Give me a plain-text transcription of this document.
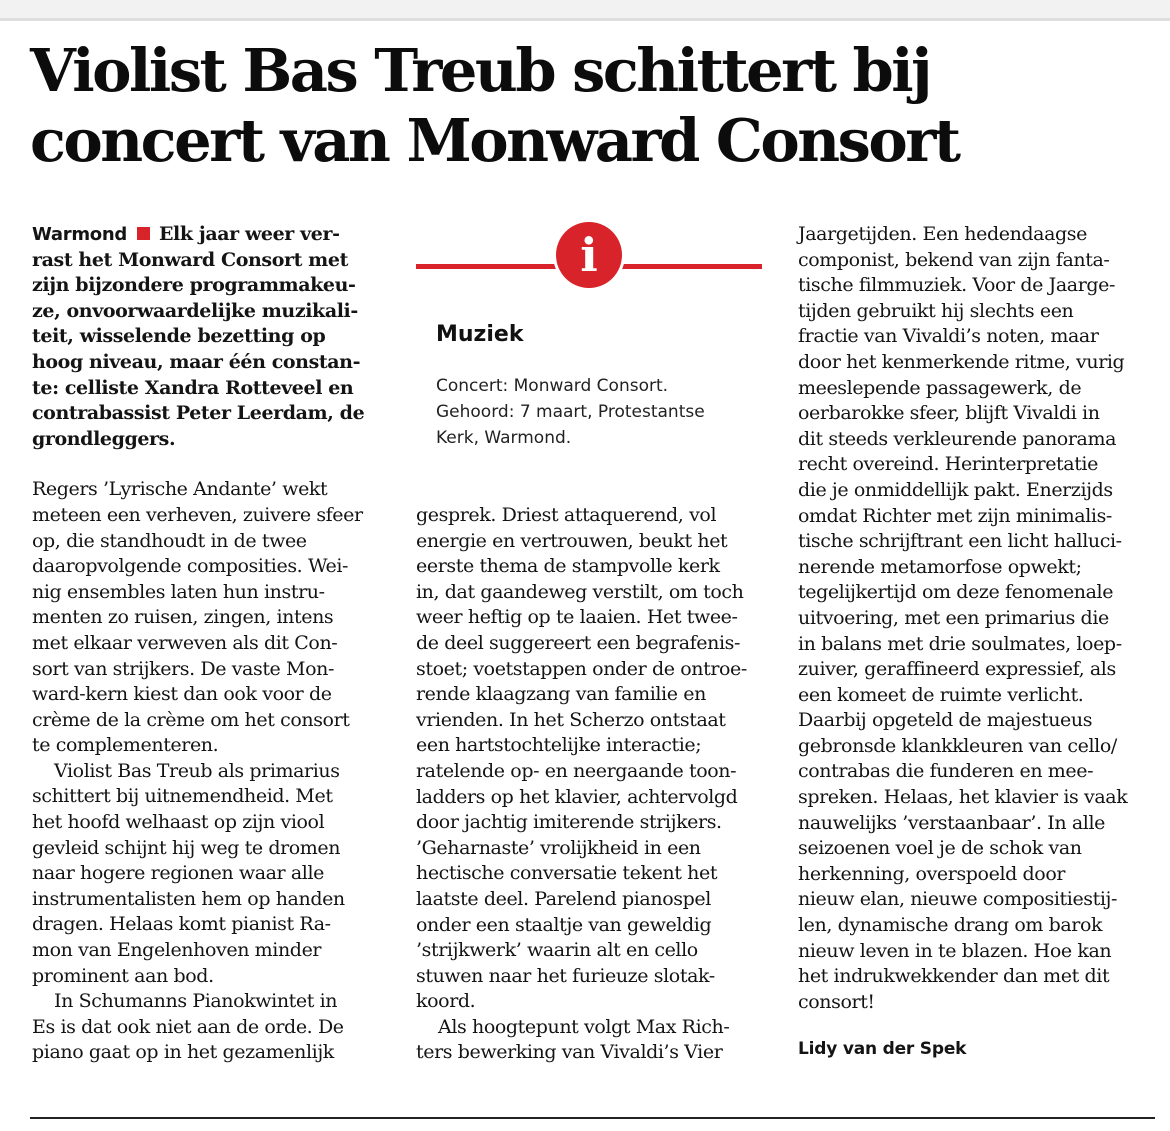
Violist Bas Treub schittert bij
concert van Monward Consort
Warmond Elk jaar weer ver-
rast het Monward Consort met
zijn bijzondere programmakeu-
ze, onvoorwaardelijke muzikali-
teit, wisselende bezetting op
hoog niveau, maar één constan-
te: celliste Xandra Rotteveel en
contrabassist Peter Leerdam, de
grondleggers.
Regers ’Lyrische Andante’ wekt
meteen een verheven, zuivere sfeer
op, die standhoudt in de twee
daaropvolgende composities. Wei-
nig ensembles laten hun instru-
menten zo ruisen, zingen, intens
met elkaar verweven als dit Con-
sort van strijkers. De vaste Mon-
ward-kern kiest dan ook voor de
crème de la crème om het consort
te complementeren.
Violist Bas Treub als primarius
schittert bij uitnemendheid. Met
het hoofd welhaast op zijn viool
gevleid schijnt hij weg te dromen
naar hogere regionen waar alle
instrumentalisten hem op handen
dragen. Helaas komt pianist Ra-
mon van Engelenhoven minder
prominent aan bod.
In Schumanns Pianokwintet in
Es is dat ook niet aan de orde. De
piano gaat op in het gezamenlijk
i
Muziek
Concert: Monward Consort.
Gehoord: 7 maart, Protestantse
Kerk, Warmond.
gesprek. Driest attaquerend, vol
energie en vertrouwen, beukt het
eerste thema de stampvolle kerk
in, dat gaandeweg verstilt, om toch
weer heftig op te laaien. Het twee-
de deel suggereert een begrafenis-
stoet; voetstappen onder de ontroe-
rende klaagzang van familie en
vrienden. In het Scherzo ontstaat
een hartstochtelijke interactie;
ratelende op- en neergaande toon-
ladders op het klavier, achtervolgd
door jachtig imiterende strijkers.
’Geharnaste’ vrolijkheid in een
hectische conversatie tekent het
laatste deel. Parelend pianospel
onder een staaltje van geweldig
’strijkwerk’ waarin alt en cello
stuwen naar het furieuze slotak-
koord.
Als hoogtepunt volgt Max Rich-
ters bewerking van Vivaldi’s Vier
Jaargetijden. Een hedendaagse
componist, bekend van zijn fanta-
tische filmmuziek. Voor de Jaarge-
tijden gebruikt hij slechts een
fractie van Vivaldi’s noten, maar
door het kenmerkende ritme, vurig
meeslepende passagewerk, de
oerbarokke sfeer, blijft Vivaldi in
dit steeds verkleurende panorama
recht overeind. Herinterpretatie
die je onmiddellijk pakt. Enerzijds
omdat Richter met zijn minimalis-
tische schrijftrant een licht halluci-
nerende metamorfose opwekt;
tegelijkertijd om deze fenomenale
uitvoering, met een primarius die
in balans met drie soulmates, loep-
zuiver, geraffineerd expressief, als
een komeet de ruimte verlicht.
Daarbij opgeteld de majestueus
gebronsde klankkleuren van cello/
contrabas die funderen en mee-
spreken. Helaas, het klavier is vaak
nauwelijks ’verstaanbaar’. In alle
seizoenen voel je de schok van
herkenning, overspoeld door
nieuw elan, nieuwe compositiestij-
len, dynamische drang om barok
nieuw leven in te blazen. Hoe kan
het indrukwekkender dan met dit
consort!
Lidy van der Spek
